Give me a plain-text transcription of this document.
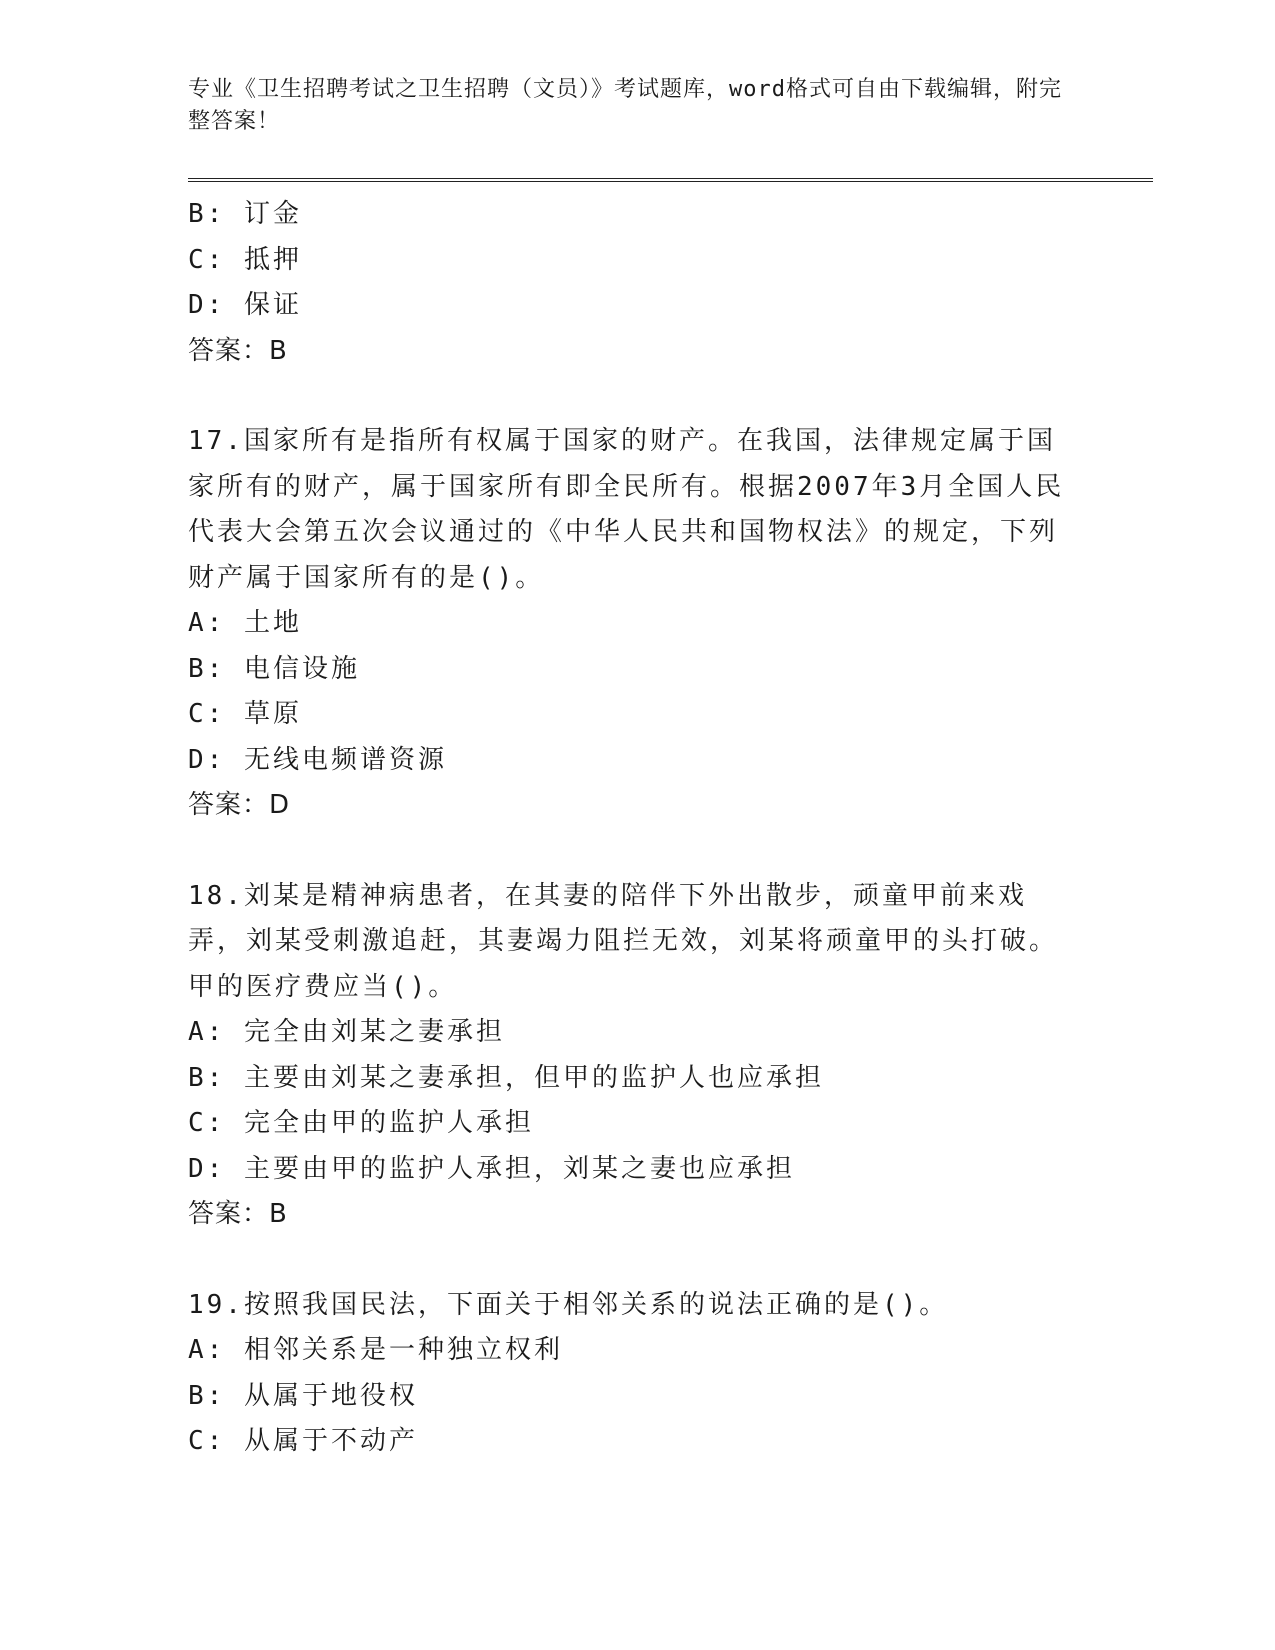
专业《卫生招聘考试之卫生招聘（文员）》考试题库，word格式可自由下载编辑，附完整答案！
B: 订金
C: 抵押
D: 保证
答案：B
17.国家所有是指所有权属于国家的财产。在我国，法律规定属于国家所有的财产，属于国家所有即全民所有。根据2007年3月全国人民代表大会第五次会议通过的《中华人民共和国物权法》的规定，下列财产属于国家所有的是()。
A: 土地
B: 电信设施
C: 草原
D: 无线电频谱资源
答案：D
18.刘某是精神病患者，在其妻的陪伴下外出散步，顽童甲前来戏弄，刘某受刺激追赶，其妻竭力阻拦无效，刘某将顽童甲的头打破。甲的医疗费应当()。
A: 完全由刘某之妻承担
B: 主要由刘某之妻承担，但甲的监护人也应承担
C: 完全由甲的监护人承担
D: 主要由甲的监护人承担，刘某之妻也应承担
答案：B
19.按照我国民法，下面关于相邻关系的说法正确的是()。
A: 相邻关系是一种独立权利
B: 从属于地役权
C: 从属于不动产
